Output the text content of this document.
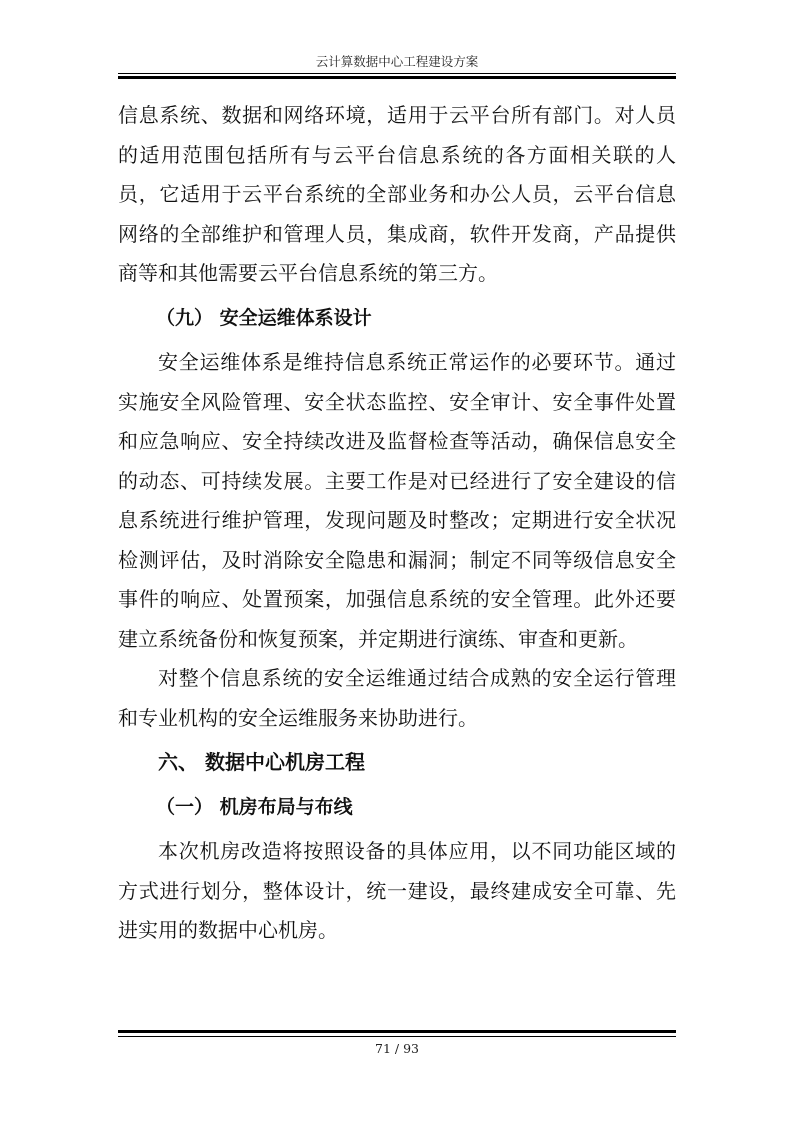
云计算数据中心工程建设方案

信息系统、数据和网络环境，适用于云平台所有部门。对人员的适用范围包括所有与云平台信息系统的各方面相关联的人员，它适用于云平台系统的全部业务和办公人员，云平台信息网络的全部维护和管理人员，集成商，软件开发商，产品提供商等和其他需要云平台信息系统的第三方。

（九） 安全运维体系设计

安全运维体系是维持信息系统正常运作的必要环节。通过实施安全风险管理、安全状态监控、安全审计、安全事件处置和应急响应、安全持续改进及监督检查等活动，确保信息安全的动态、可持续发展。主要工作是对已经进行了安全建设的信息系统进行维护管理，发现问题及时整改；定期进行安全状况检测评估，及时消除安全隐患和漏洞；制定不同等级信息安全事件的响应、处置预案，加强信息系统的安全管理。此外还要建立系统备份和恢复预案，并定期进行演练、审查和更新。

对整个信息系统的安全运维通过结合成熟的安全运行管理和专业机构的安全运维服务来协助进行。

六、 数据中心机房工程
（一） 机房布局与布线

本次机房改造将按照设备的具体应用，以不同功能区域的方式进行划分，整体设计，统一建设，最终建成安全可靠、先进实用的数据中心机房。

71 / 93
